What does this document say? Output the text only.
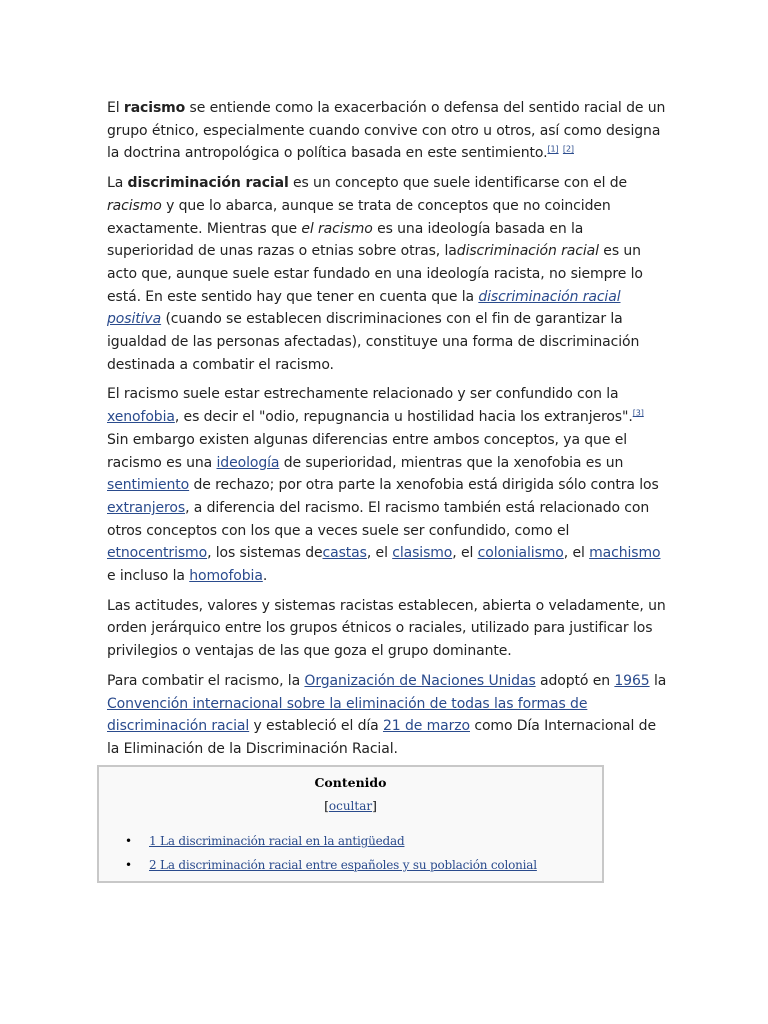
El racismo se entiende como la exacerbación o defensa del sentido racial de un grupo étnico, especialmente cuando convive con otro u otros, así como designa la doctrina antropológica o política basada en este sentimiento.[1] [2]

La discriminación racial es un concepto que suele identificarse con el de racismo y que lo abarca, aunque se trata de conceptos que no coinciden exactamente. Mientras que el racismo es una ideología basada en la superioridad de unas razas o etnias sobre otras, ladiscriminación racial es un acto que, aunque suele estar fundado en una ideología racista, no siempre lo está. En este sentido hay que tener en cuenta que la discriminación racial positiva (cuando se establecen discriminaciones con el fin de garantizar la igualdad de las personas afectadas), constituye una forma de discriminación destinada a combatir el racismo.

El racismo suele estar estrechamente relacionado y ser confundido con la xenofobia, es decir el "odio, repugnancia u hostilidad hacia los extranjeros".[3] Sin embargo existen algunas diferencias entre ambos conceptos, ya que el racismo es una ideología de superioridad, mientras que la xenofobia es un sentimiento de rechazo; por otra parte la xenofobia está dirigida sólo contra los extranjeros, a diferencia del racismo. El racismo también está relacionado con otros conceptos con los que a veces suele ser confundido, como el etnocentrismo, los sistemas decastas, el clasismo, el colonialismo, el machismo e incluso la homofobia.

Las actitudes, valores y sistemas racistas establecen, abierta o veladamente, un orden jerárquico entre los grupos étnicos o raciales, utilizado para justificar los privilegios o ventajas de las que goza el grupo dominante.

Para combatir el racismo, la Organización de Naciones Unidas adoptó en 1965 la Convención internacional sobre la eliminación de todas las formas de discriminación racial y estableció el día 21 de marzo como Día Internacional de la Eliminación de la Discriminación Racial.

Contenido
[ocultar]
• 1 La discriminación racial en la antigüedad
• 2 La discriminación racial entre españoles y su población colonial
